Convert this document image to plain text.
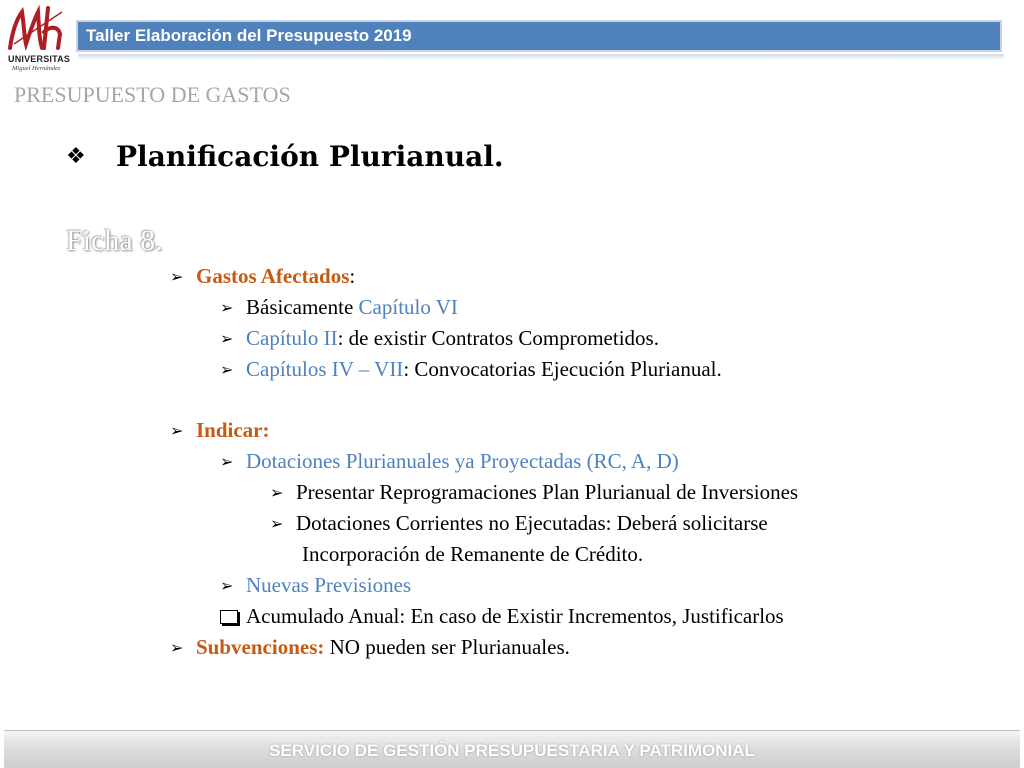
UNIVERSITAS
Miguel Hernández
Taller Elaboración del Presupuesto 2019
PRESUPUESTO DE GASTOS
❖	Planificación Plurianual.
Ficha 8.
➢ Gastos Afectados :
➢ Básicamente Capítulo VI
➢ Capítulo II : de existir Contratos Comprometidos.
➢ Capítulos IV – VII : Convocatorias Ejecución Plurianual.
➢ Indicar:
➢ Dotaciones Plurianuales ya Proyectadas (RC, A, D)
➢ Presentar Reprogramaciones Plan Plurianual de Inversiones
➢ Dotaciones Corrientes no Ejecutadas: Deberá solicitarse
Incorporación de Remanente de Crédito.
➢ Nuevas Previsiones
Acumulado Anual: En caso de Existir Incrementos, Justificarlos
➢ Subvenciones: NO pueden ser Plurianuales.
SERVICIO DE GESTIÓN PRESUPUESTARIA Y PATRIMONIAL
